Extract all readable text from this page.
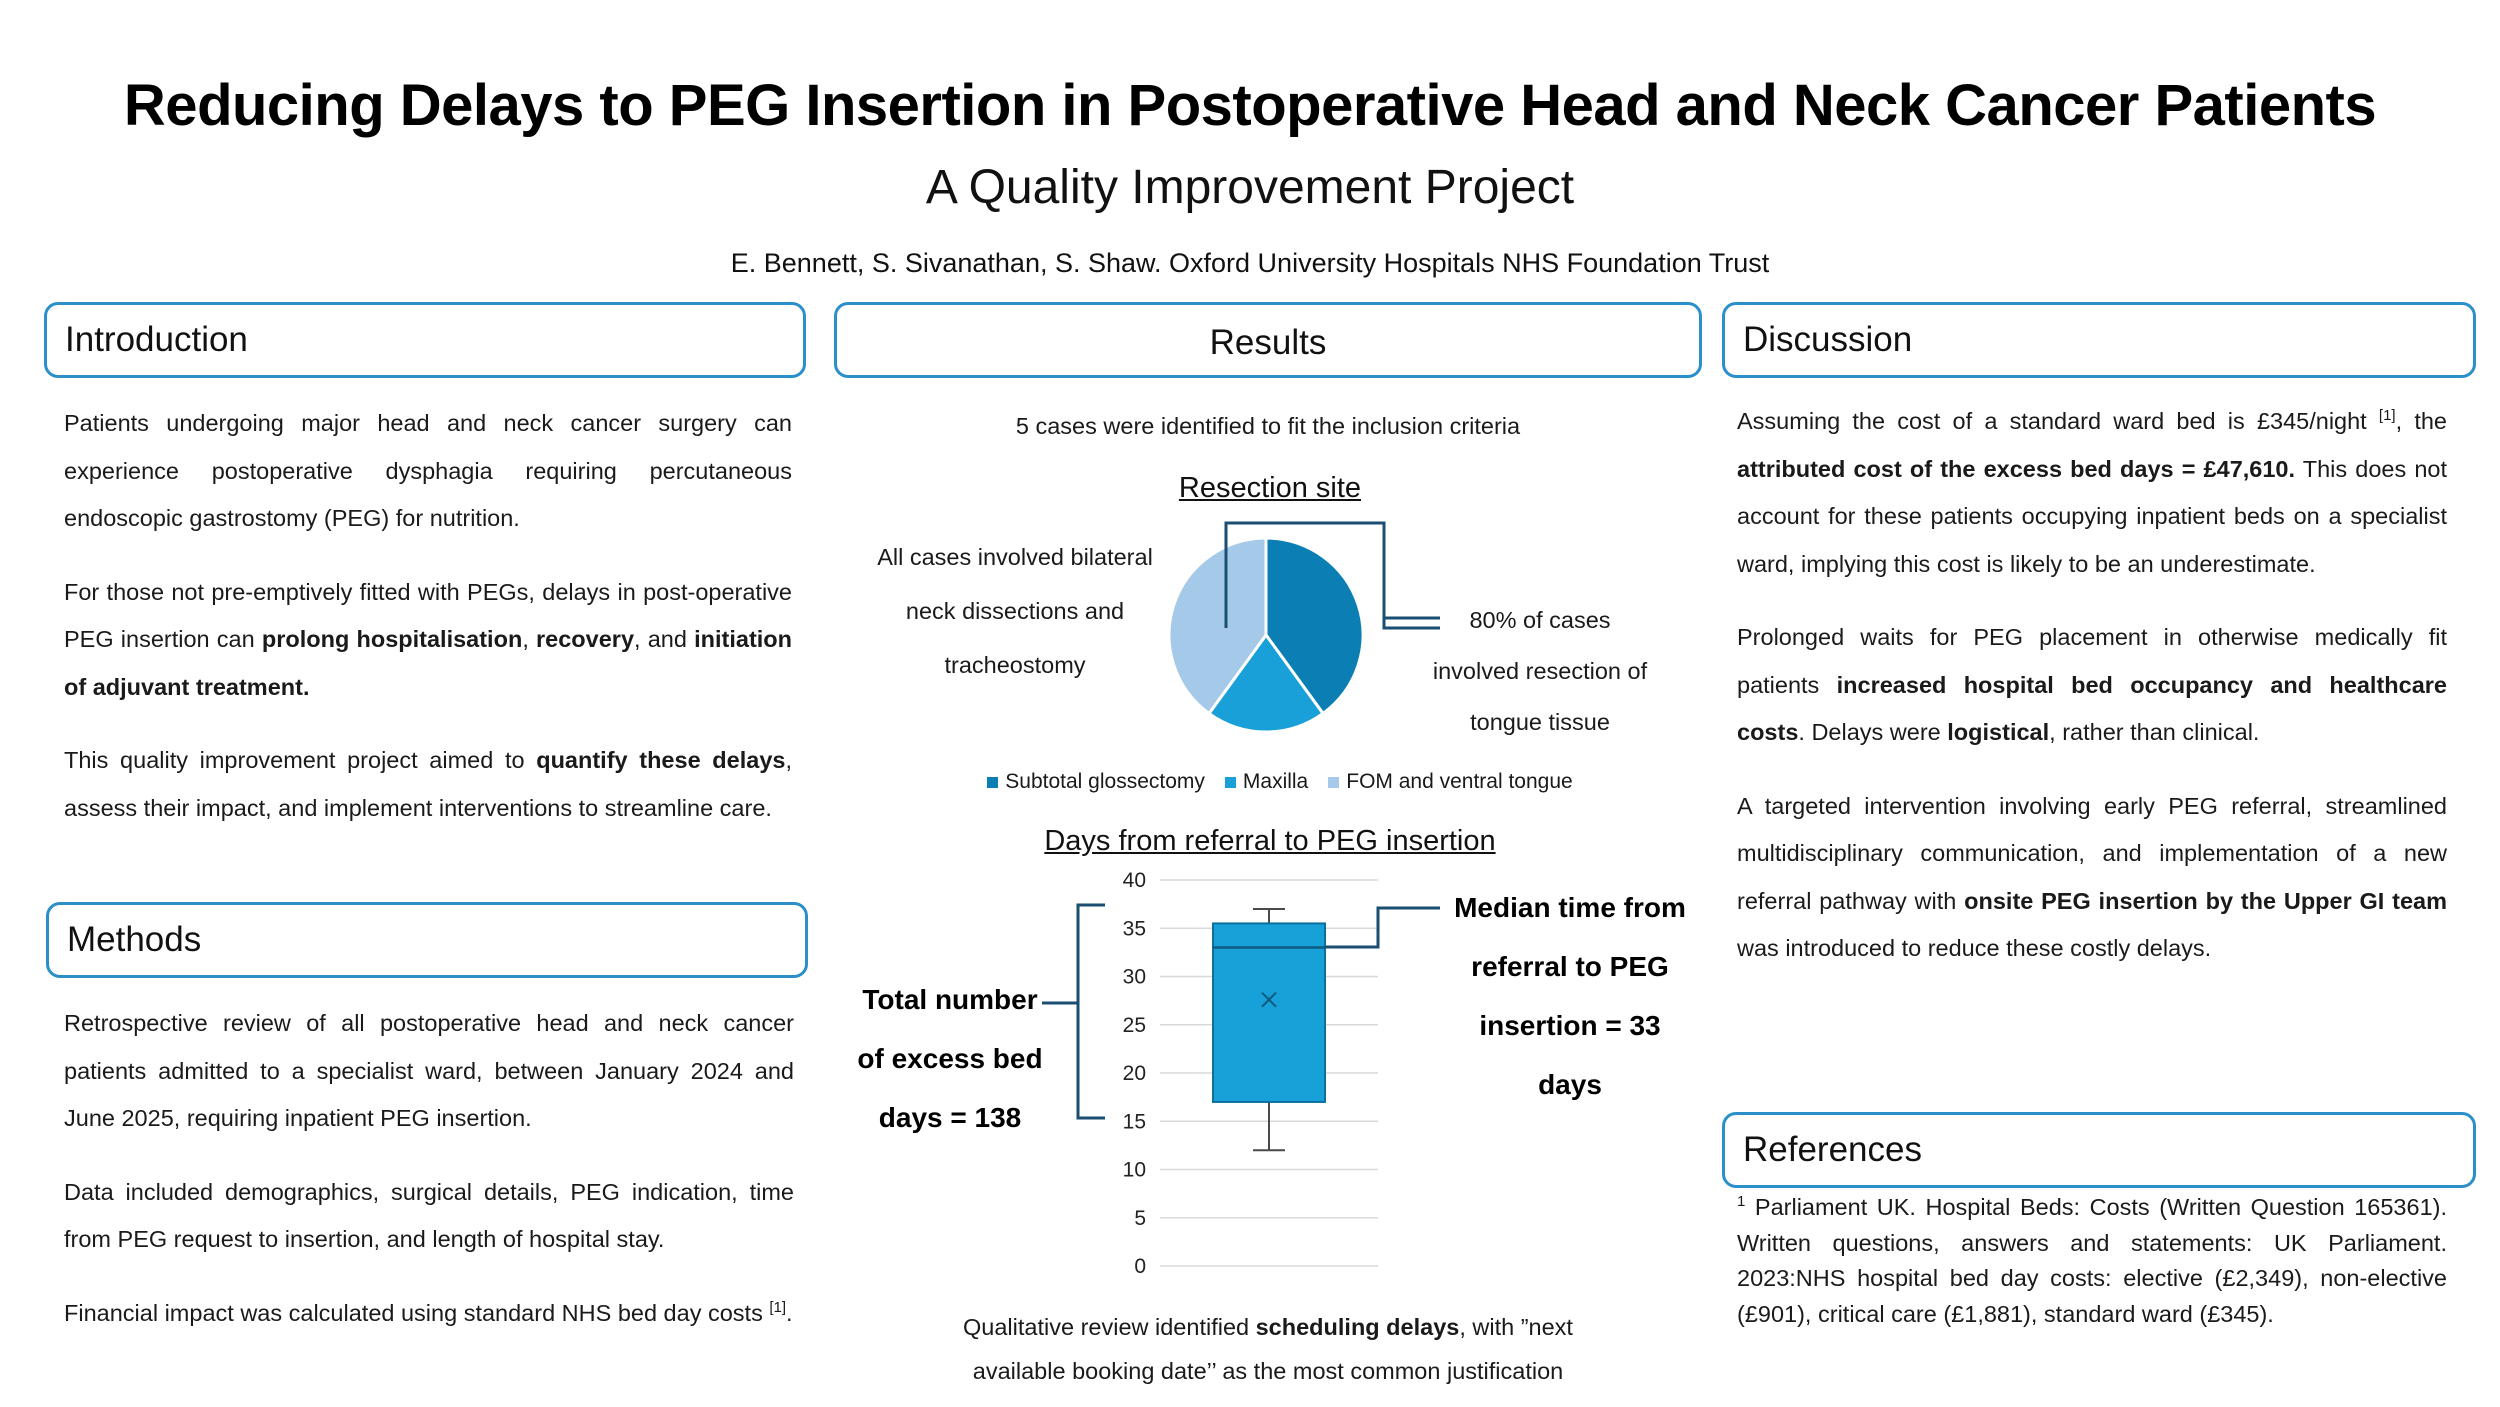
Reducing Delays to PEG Insertion in Postoperative Head and Neck Cancer Patients
A Quality Improvement Project
E. Bennett, S. Sivanathan, S. Shaw. Oxford University Hospitals NHS Foundation Trust
Introduction
Methods
Results	Discussion
References

Patients undergoing major head and neck cancer surgery can experience postoperative dysphagia requiring percutaneous endoscopic gastrostomy (PEG) for nutrition.

For those not pre-emptively fitted with PEGs, delays in post-operative PEG insertion can prolong hospitalisation, recovery, and initiation of adjuvant treatment.

This quality improvement project aimed to quantify these delays, assess their impact, and implement interventions to streamline care.

Retrospective review of all postoperative head and neck cancer patients admitted to a specialist ward, between January 2024 and June 2025, requiring inpatient PEG insertion.

Data included demographics, surgical details, PEG indication, time from PEG request to insertion, and length of hospital stay.

Financial impact was calculated using standard NHS bed day costs [1].

5 cases were identified to fit the inclusion criteria
Resection site
All cases involved bilateral
neck dissections and
tracheostomy
80% of cases
involved resection of
tongue tissue
Subtotal glossectomy Maxilla FOM and ventral tongue
Days from referral to PEG insertion
0
5
10
15
20
25
30
35
40
Total number
of excess bed
days = 138
Median time from
referral to PEG
insertion = 33
days
Qualitative review identified scheduling delays, with ”next
available booking date’’ as the most common justification

Assuming the cost of a standard ward bed is £345/night [1], the attributed cost of the excess bed days = £47,610. This does not account for these patients occupying inpatient beds on a specialist ward, implying this cost is likely to be an underestimate.

Prolonged waits for PEG placement in otherwise medically fit patients increased hospital bed occupancy and healthcare costs. Delays were logistical, rather than clinical.

A targeted intervention involving early PEG referral, streamlined multidisciplinary communication, and implementation of a new referral pathway with onsite PEG insertion by the Upper GI team was introduced to reduce these costly delays.

$^1$ Parliament UK. Hospital Beds: Costs (Written Question 165361). Written questions, answers and statements: UK Parliament. 2023:NHS hospital bed day costs: elective (£2,349), non-elective (£901), critical care (£1,881), standard ward (£345).
